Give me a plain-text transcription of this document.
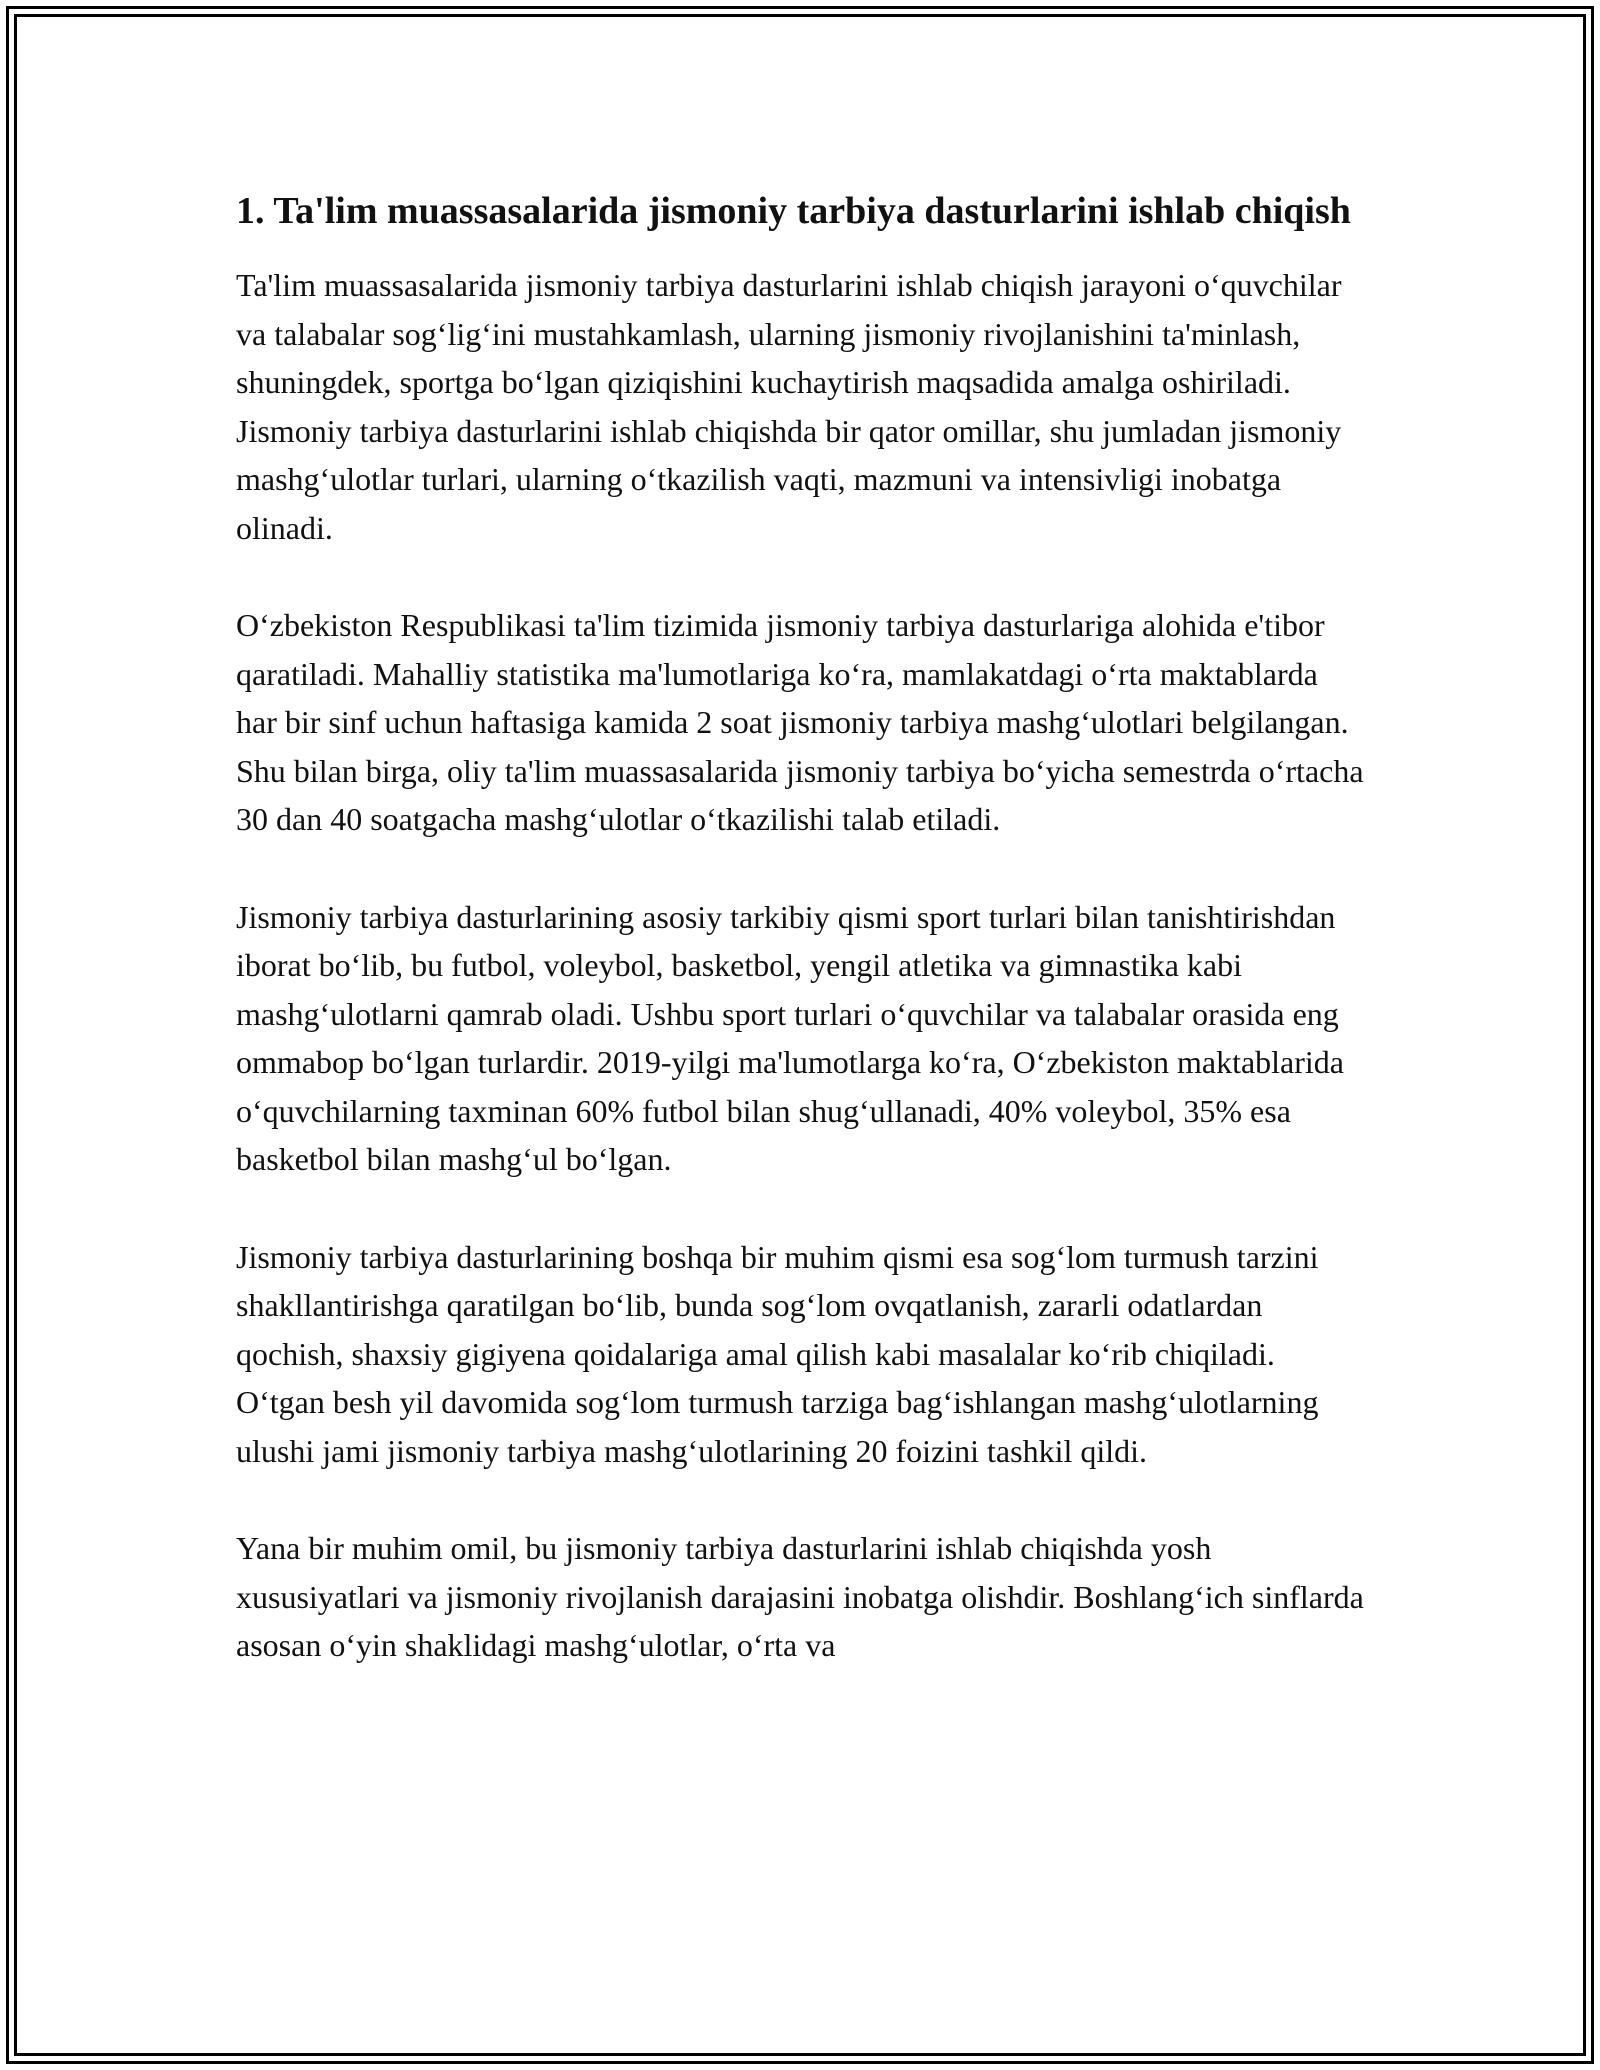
1. Ta'lim muassasalarida jismoniy tarbiya dasturlarini ishlab chiqish

Ta'lim muassasalarida jismoniy tarbiya dasturlarini ishlab chiqish jarayoni o‘quvchilar va talabalar sog‘lig‘ini mustahkamlash, ularning jismoniy rivojlanishini ta'minlash, shuningdek, sportga bo‘lgan qiziqishini kuchaytirish maqsadida amalga oshiriladi. Jismoniy tarbiya dasturlarini ishlab chiqishda bir qator omillar, shu jumladan jismoniy mashg‘ulotlar turlari, ularning o‘tkazilish vaqti, mazmuni va intensivligi inobatga olinadi.

O‘zbekiston Respublikasi ta'lim tizimida jismoniy tarbiya dasturlariga alohida e'tibor qaratiladi. Mahalliy statistika ma'lumotlariga ko‘ra, mamlakatdagi o‘rta maktablarda har bir sinf uchun haftasiga kamida 2 soat jismoniy tarbiya mashg‘ulotlari belgilangan. Shu bilan birga, oliy ta'lim muassasalarida jismoniy tarbiya bo‘yicha semestrda o‘rtacha 30 dan 40 soatgacha mashg‘ulotlar o‘tkazilishi talab etiladi.

Jismoniy tarbiya dasturlarining asosiy tarkibiy qismi sport turlari bilan tanishtirishdan iborat bo‘lib, bu futbol, voleybol, basketbol, yengil atletika va gimnastika kabi mashg‘ulotlarni qamrab oladi. Ushbu sport turlari o‘quvchilar va talabalar orasida eng ommabop bo‘lgan turlardir. 2019-yilgi ma'lumotlarga ko‘ra, O‘zbekiston maktablarida o‘quvchilarning taxminan 60% futbol bilan shug‘ullanadi, 40% voleybol, 35% esa basketbol bilan mashg‘ul bo‘lgan.

Jismoniy tarbiya dasturlarining boshqa bir muhim qismi esa sog‘lom turmush tarzini shakllantirishga qaratilgan bo‘lib, bunda sog‘lom ovqatlanish, zararli odatlardan qochish, shaxsiy gigiyena qoidalariga amal qilish kabi masalalar ko‘rib chiqiladi. O‘tgan besh yil davomida sog‘lom turmush tarziga bag‘ishlangan mashg‘ulotlarning ulushi jami jismoniy tarbiya mashg‘ulotlarining 20 foizini tashkil qildi.

Yana bir muhim omil, bu jismoniy tarbiya dasturlarini ishlab chiqishda yosh xususiyatlari va jismoniy rivojlanish darajasini inobatga olishdir. Boshlang‘ich sinflarda asosan o‘yin shaklidagi mashg‘ulotlar, o‘rta va
